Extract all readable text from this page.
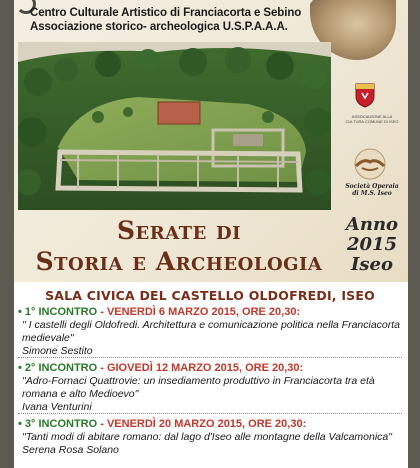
Centro Culturale Artistico di Franciacorta e Sebino
Associazione storico- archeologica U.S.P.A.A.A.
ASSOCIAZIONE ALLA CULTURA COMUNE DI ISEO
Società Operaia
di M.S. Iseo
Serate di
Storia e Archeologia
Anno
2015
Iseo
SALA CIVICA DEL CASTELLO OLDOFREDI, ISEO
• 1° INCONTRO - VENERDÌ 6 MARZO 2015, ORE 20,30:
" I castelli degli Oldofredi. Architettura e comunicazione politica nella Franciacorta medievale"
Simone Sestito
• 2° INCONTRO - GIOVEDÌ 12 MARZO 2015, ORE 20,30:
"Adro-Fornaci Quattrovie: un insediamento produttivo in Franciacorta tra età romana e alto Medioevo"
Ivana Venturini
• 3° INCONTRO - VENERDÌ 20 MARZO 2015, ORE 20,30:
"Tanti modi di abitare romano: dal lago d'Iseo alle montagne della Valcamonica"
Serena Rosa Solano
